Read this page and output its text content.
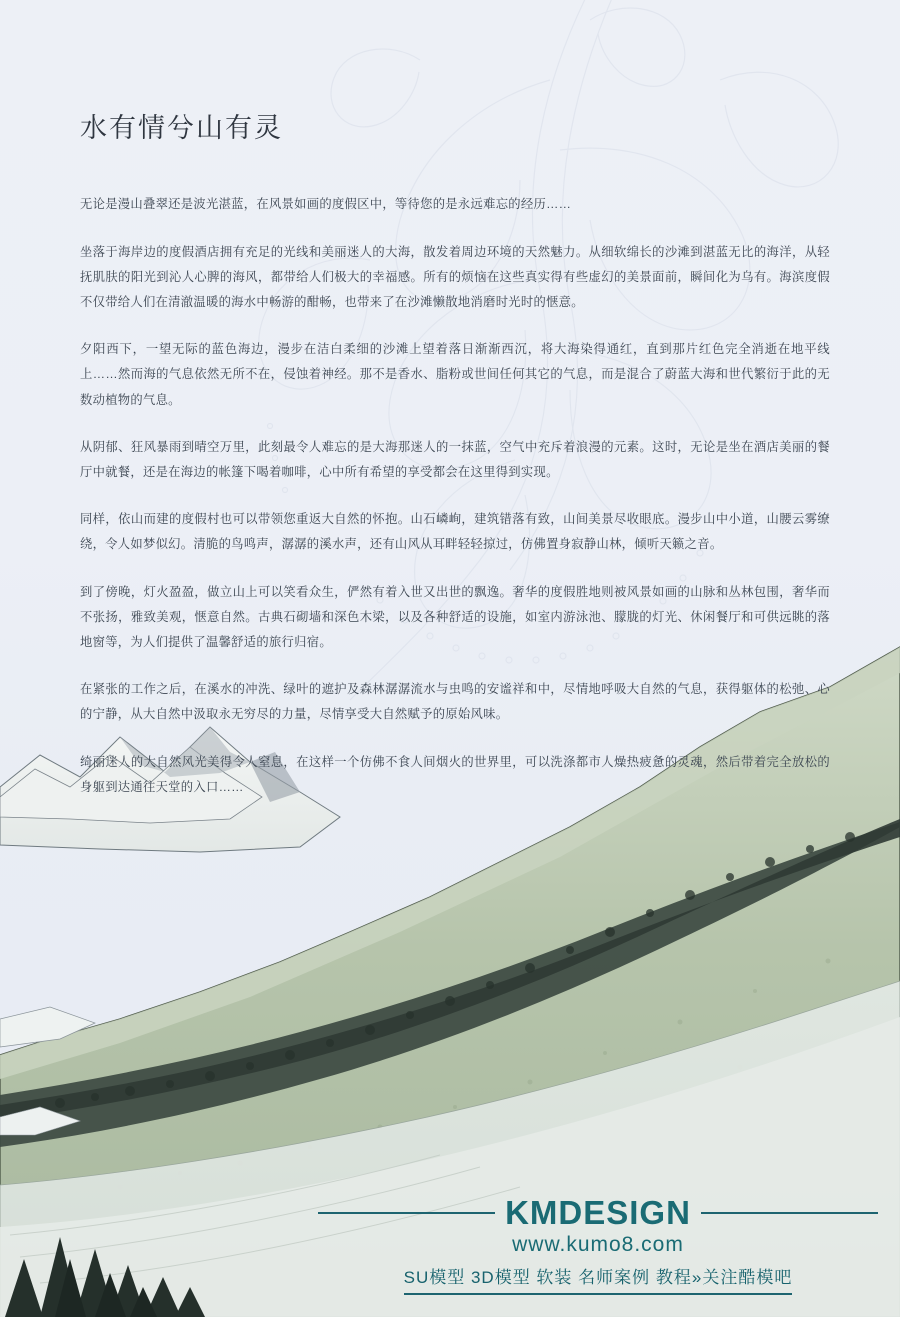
水有情兮山有灵

无论是漫山叠翠还是波光湛蓝，在风景如画的度假区中，等待您的是永远难忘的经历……

坐落于海岸边的度假酒店拥有充足的光线和美丽迷人的大海，散发着周边环境的天然魅力。从细软绵长的沙滩到湛蓝无比的海洋，从轻抚肌肤的阳光到沁人心脾的海风，都带给人们极大的幸福感。所有的烦恼在这些真实得有些虚幻的美景面前，瞬间化为乌有。海滨度假不仅带给人们在清澈温暖的海水中畅游的酣畅，也带来了在沙滩懒散地消磨时光时的惬意。

夕阳西下，一望无际的蓝色海边，漫步在洁白柔细的沙滩上望着落日渐渐西沉，将大海染得通红，直到那片红色完全消逝在地平线上……然而海的气息依然无所不在，侵蚀着神经。那不是香水、脂粉或世间任何其它的气息，而是混合了蔚蓝大海和世代繁衍于此的无数动植物的气息。

从阴郁、狂风暴雨到晴空万里，此刻最令人难忘的是大海那迷人的一抹蓝，空气中充斥着浪漫的元素。这时，无论是坐在酒店美丽的餐厅中就餐，还是在海边的帐篷下喝着咖啡，心中所有希望的享受都会在这里得到实现。

同样，依山而建的度假村也可以带领您重返大自然的怀抱。山石嶙峋，建筑错落有致，山间美景尽收眼底。漫步山中小道，山腰云雾缭绕，令人如梦似幻。清脆的鸟鸣声，潺潺的溪水声，还有山风从耳畔轻轻掠过，仿佛置身寂静山林，倾听天籁之音。

到了傍晚，灯火盈盈，做立山上可以笑看众生，俨然有着入世又出世的飘逸。奢华的度假胜地则被风景如画的山脉和丛林包围，奢华而不张扬，雅致美观，惬意自然。古典石砌墙和深色木梁，以及各种舒适的设施，如室内游泳池、朦胧的灯光、休闲餐厅和可供远眺的落地窗等，为人们提供了温馨舒适的旅行归宿。

在紧张的工作之后，在溪水的冲洗、绿叶的遮护及森林潺潺流水与虫鸣的安谧祥和中，尽情地呼吸大自然的气息，获得躯体的松弛、心的宁静，从大自然中汲取永无穷尽的力量，尽情享受大自然赋予的原始风味。

绮丽迷人的大自然风光美得令人窒息，在这样一个仿佛不食人间烟火的世界里，可以洗涤都市人燥热疲惫的灵魂，然后带着完全放松的身躯到达通往天堂的入口……

KMDESIGN
www.kumo8.com
SU模型 3D模型 软装 名师案例 教程»关注酷模吧
